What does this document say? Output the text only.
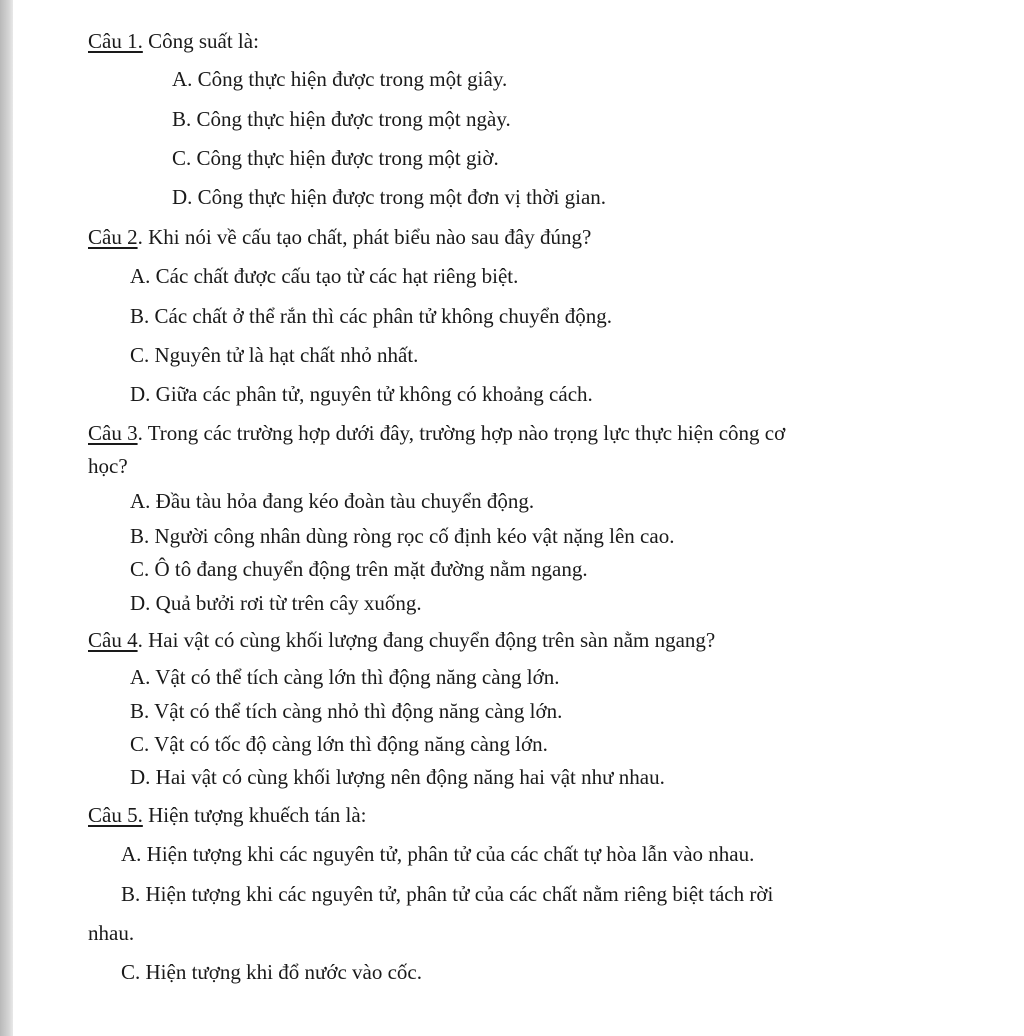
Câu 1. Công suất là:
A. Công thực hiện được trong một giây.
B. Công thực hiện được trong một ngày.
C. Công thực hiện được trong một giờ.
D. Công thực hiện được trong một đơn vị thời gian.
Câu 2. Khi nói về cấu tạo chất, phát biểu nào sau đây đúng?
A. Các chất được cấu tạo từ các hạt riêng biệt.
B. Các chất ở thể rắn thì các phân tử không chuyển động.
C. Nguyên tử là hạt chất nhỏ nhất.
D. Giữa các phân tử, nguyên tử không có khoảng cách.
Câu 3. Trong các trường hợp dưới đây, trường hợp nào trọng lực thực hiện công cơ
học?
A. Đầu tàu hỏa đang kéo đoàn tàu chuyển động.
B. Người công nhân dùng ròng rọc cố định kéo vật nặng lên cao.
C. Ô tô đang chuyển động trên mặt đường nằm ngang.
D. Quả bưởi rơi từ trên cây xuống.
Câu 4. Hai vật có cùng khối lượng đang chuyển động trên sàn nằm ngang?
A. Vật có thể tích càng lớn thì động năng càng lớn.
B. Vật có thể tích càng nhỏ thì động năng càng lớn.
C. Vật có tốc độ càng lớn thì động năng càng lớn.
D. Hai vật có cùng khối lượng nên động năng hai vật như nhau.
Câu 5. Hiện tượng khuếch tán là:
A. Hiện tượng khi các nguyên tử, phân tử của các chất tự hòa lẫn vào nhau.
B. Hiện tượng khi các nguyên tử, phân tử của các chất nằm riêng biệt tách rời
nhau.
C. Hiện tượng khi đổ nước vào cốc.
